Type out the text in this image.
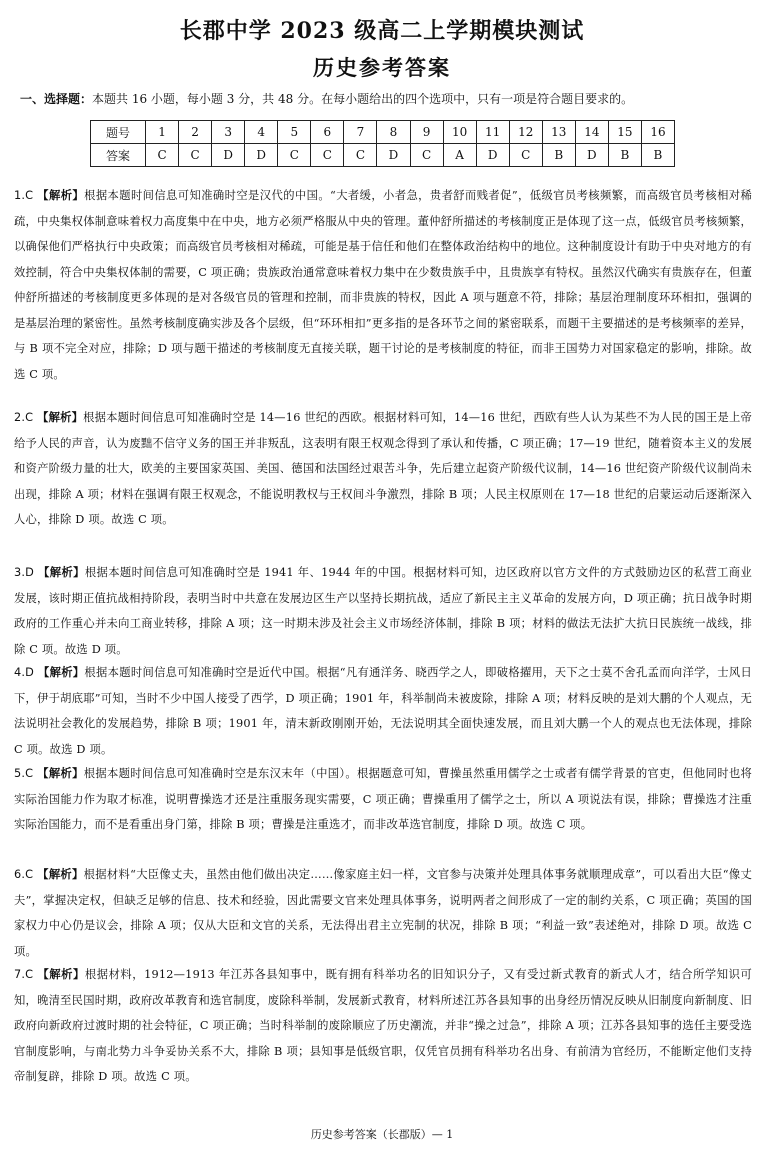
长郡中学 2023 级高二上学期模块测试
历史参考答案
一、选择题：本题共 16 小题，每小题 3 分，共 48 分。在每小题给出的四个选项中，只有一项是符合题目要求的。
题号	1	2	3	4	5	6	7	8	9	10	11	12	13	14	15	16
答案	C	C	D	D	C	C	C	D	C	A	D	C	B	D	B	B
1.C 【解析】根据本题时间信息可知准确时空是汉代的中国。“大者缓，小者急，贵者舒而贱者促”，低级官员考核频繁，而高级官员考核相对稀疏，中央集权体制意味着权力高度集中在中央，地方必须严格服从中央的管理。董仲舒所描述的考核制度正是体现了这一点，低级官员考核频繁，以确保他们严格执行中央政策；而高级官员考核相对稀疏，可能是基于信任和他们在整体政治结构中的地位。这种制度设计有助于中央对地方的有效控制，符合中央集权体制的需要，C 项正确；贵族政治通常意味着权力集中在少数贵族手中，且贵族享有特权。虽然汉代确实有贵族存在，但董仲舒所描述的考核制度更多体现的是对各级官员的管理和控制，而非贵族的特权，因此 A 项与题意不符，排除；基层治理制度环环相扣，强调的是基层治理的紧密性。虽然考核制度确实涉及各个层级，但“环环相扣”更多指的是各环节之间的紧密联系，而题干主要描述的是考核频率的差异，与 B 项不完全对应，排除；D 项与题干描述的考核制度无直接关联，题干讨论的是考核制度的特征，而非王国势力对国家稳定的影响，排除。故选 C 项。
2.C 【解析】根据本题时间信息可知准确时空是 14—16 世纪的西欧。根据材料可知，14—16 世纪，西欧有些人认为某些不为人民的国王是上帝给予人民的声音，认为废黜不信守义务的国王并非叛乱，这表明有限王权观念得到了承认和传播，C 项正确；17—19 世纪，随着资本主义的发展和资产阶级力量的壮大，欧美的主要国家英国、美国、德国和法国经过艰苦斗争，先后建立起资产阶级代议制，14—16 世纪资产阶级代议制尚未出现，排除 A 项；材料在强调有限王权观念，不能说明教权与王权间斗争激烈，排除 B 项；人民主权原则在 17—18 世纪的启蒙运动后逐渐深入人心，排除 D 项。故选 C 项。
3.D 【解析】根据本题时间信息可知准确时空是 1941 年、1944 年的中国。根据材料可知，边区政府以官方文件的方式鼓励边区的私营工商业发展，该时期正值抗战相持阶段，表明当时中共意在发展边区生产以坚持长期抗战，适应了新民主主义革命的发展方向，D 项正确；抗日战争时期政府的工作重心并未向工商业转移，排除 A 项；这一时期未涉及社会主义市场经济体制，排除 B 项；材料的做法无法扩大抗日民族统一战线，排除 C 项。故选 D 项。
4.D 【解析】根据本题时间信息可知准确时空是近代中国。根据“凡有通洋务、晓西学之人，即破格擢用，天下之士莫不舍孔孟而向洋学，士风日下，伊于胡底耶”可知，当时不少中国人接受了西学，D 项正确；1901 年，科举制尚未被废除，排除 A 项；材料反映的是刘大鹏的个人观点，无法说明社会教化的发展趋势，排除 B 项；1901 年，清末新政刚刚开始，无法说明其全面快速发展，而且刘大鹏一个人的观点也无法体现，排除 C 项。故选 D 项。
5.C 【解析】根据本题时间信息可知准确时空是东汉末年（中国）。根据题意可知，曹操虽然重用儒学之士或者有儒学背景的官吏，但他同时也将实际治国能力作为取才标准，说明曹操选才还是注重服务现实需要，C 项正确；曹操重用了儒学之士，所以 A 项说法有误，排除；曹操选才注重实际治国能力，而不是看重出身门第，排除 B 项；曹操是注重选才，而非改革选官制度，排除 D 项。故选 C 项。
6.C 【解析】根据材料“大臣像丈夫，虽然由他们做出决定……像家庭主妇一样，文官参与决策并处理具体事务就顺理成章”，可以看出大臣“像丈夫”，掌握决定权，但缺乏足够的信息、技术和经验，因此需要文官来处理具体事务，说明两者之间形成了一定的制约关系，C 项正确；英国的国家权力中心仍是议会，排除 A 项；仅从大臣和文官的关系，无法得出君主立宪制的状况，排除 B 项；“利益一致”表述绝对，排除 D 项。故选 C 项。
7.C 【解析】根据材料，1912—1913 年江苏各县知事中，既有拥有科举功名的旧知识分子，又有受过新式教育的新式人才，结合所学知识可知，晚清至民国时期，政府改革教育和选官制度，废除科举制，发展新式教育，材料所述江苏各县知事的出身经历情况反映从旧制度向新制度、旧政府向新政府过渡时期的社会特征，C 项正确；当时科举制的废除顺应了历史潮流，并非“操之过急”，排除 A 项；江苏各县知事的选任主要受选官制度影响，与南北势力斗争妥协关系不大，排除 B 项；县知事是低级官职，仅凭官员拥有科举功名出身、有前清为官经历，不能断定他们支持帝制复辟，排除 D 项。故选 C 项。
历史参考答案（长郡版）— 1
